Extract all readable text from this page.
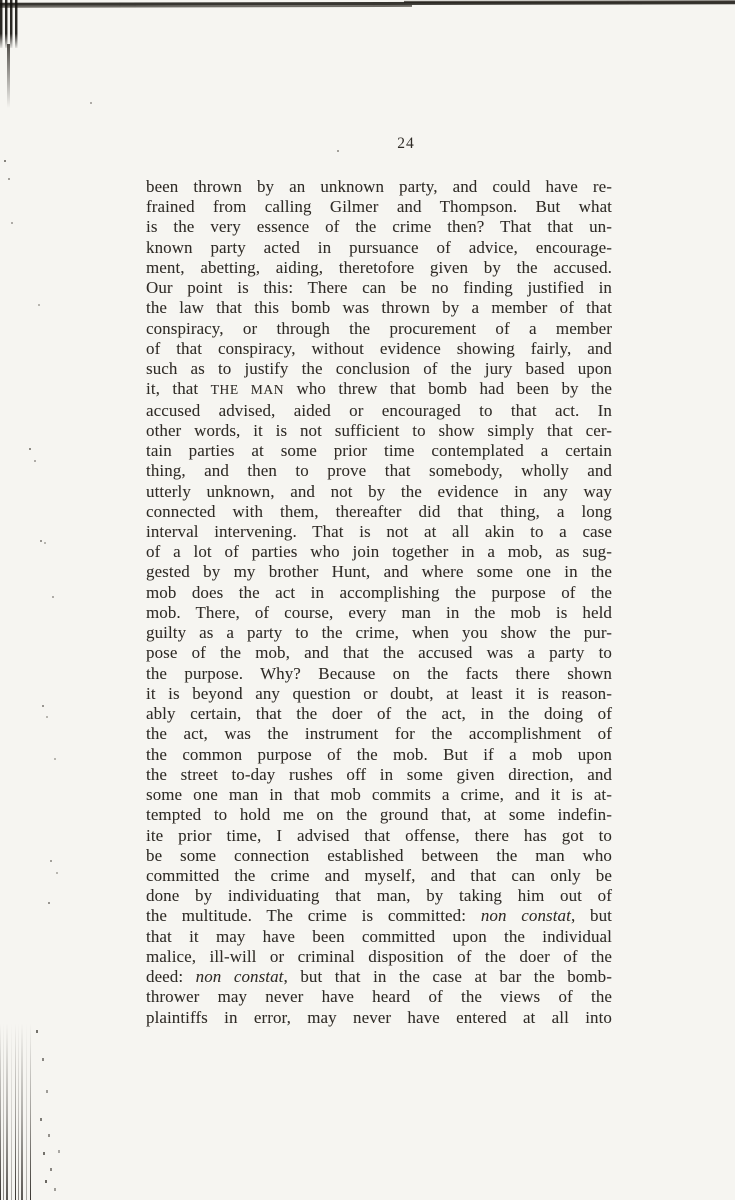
24
been thrown by an unknown party, and could have re-
frained from calling Gilmer and Thompson. But what
is the very essence of the crime then? That that un-
known party acted in pursuance of advice, encourage-
ment, abetting, aiding, theretofore given by the accused.
Our point is this: There can be no finding justified in
the law that this bomb was thrown by a member of that
conspiracy, or through the procurement of a member
of that conspiracy, without evidence showing fairly, and
such as to justify the conclusion of the jury based upon
it, that THE MAN who threw that bomb had been by the
accused advised, aided or encouraged to that act. In
other words, it is not sufficient to show simply that cer-
tain parties at some prior time contemplated a certain
thing, and then to prove that somebody, wholly and
utterly unknown, and not by the evidence in any way
connected with them, thereafter did that thing, a long
interval intervening. That is not at all akin to a case
of a lot of parties who join together in a mob, as sug-
gested by my brother Hunt, and where some one in the
mob does the act in accomplishing the purpose of the
mob. There, of course, every man in the mob is held
guilty as a party to the crime, when you show the pur-
pose of the mob, and that the accused was a party to
the purpose. Why? Because on the facts there shown
it is beyond any question or doubt, at least it is reason-
ably certain, that the doer of the act, in the doing of
the act, was the instrument for the accomplishment of
the common purpose of the mob. But if a mob upon
the street to-day rushes off in some given direction, and
some one man in that mob commits a crime, and it is at-
tempted to hold me on the ground that, at some indefin-
ite prior time, I advised that offense, there has got to
be some connection established between the man who
committed the crime and myself, and that can only be
done by individuating that man, by taking him out of
the multitude. The crime is committed: non constat, but
that it may have been committed upon the individual
malice, ill-will or criminal disposition of the doer of the
deed: non constat, but that in the case at bar the bomb-
thrower may never have heard of the views of the
plaintiffs in error, may never have entered at all into
